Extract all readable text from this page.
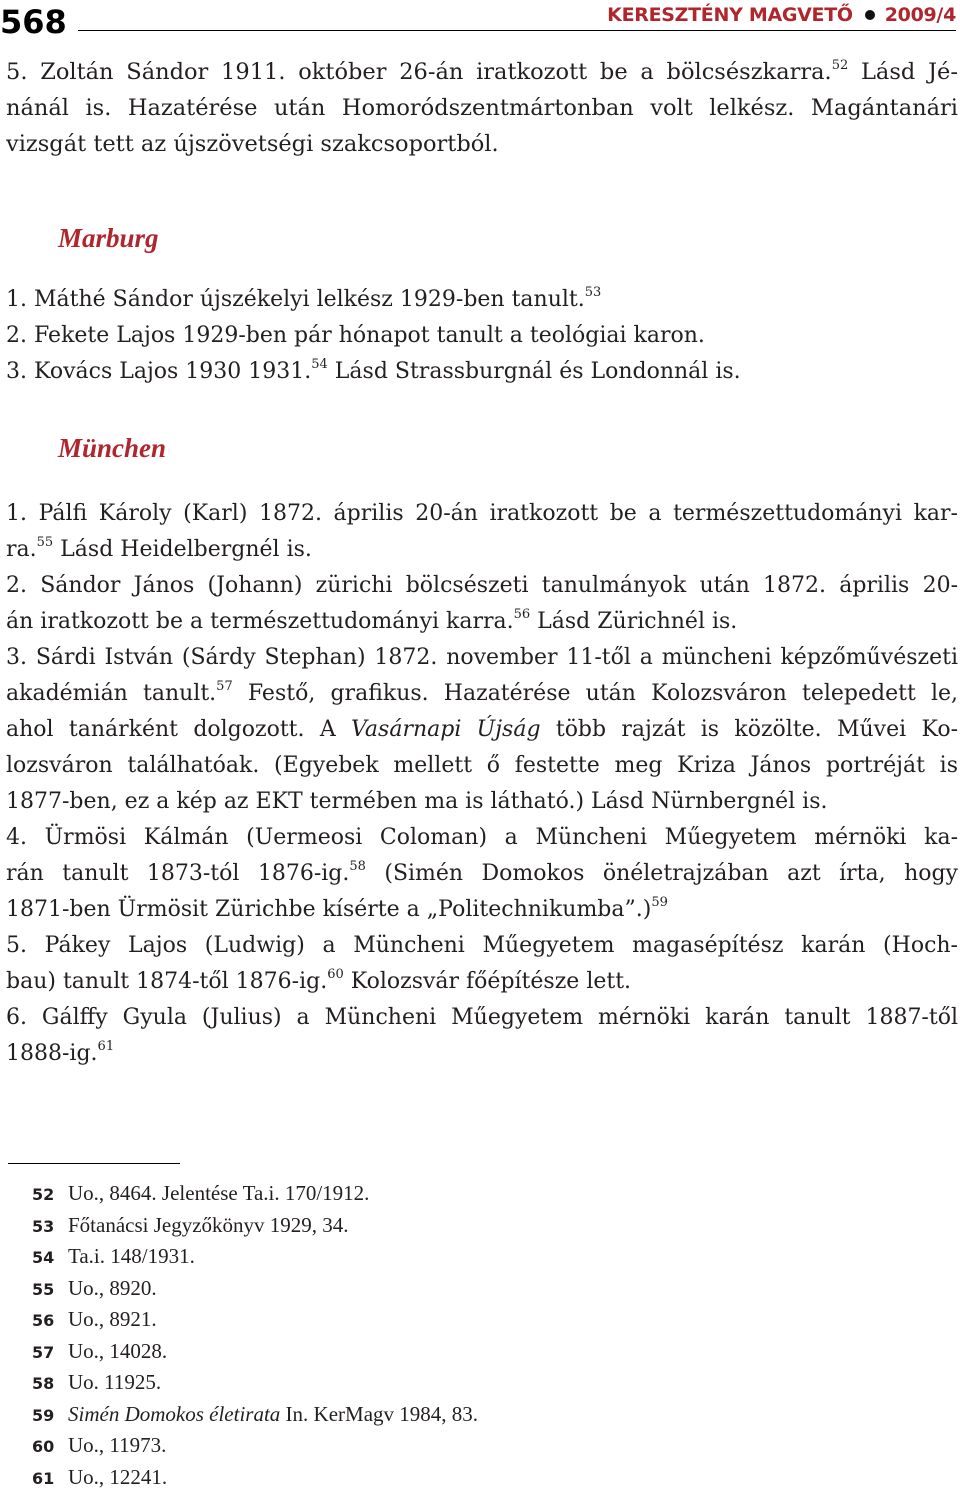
568	KERESZTÉNY MAGVETŐ 2009/4
5. Zoltán Sándor 1911. október 26-án iratkozott be a bölcsészkarra.$^{52}$ Lásd Jé-
nánál is. Hazatérése után Homoródszentmártonban volt lelkész. Magántanári
vizsgát tett az újszövetségi szakcsoportból.
Marburg
1. Máthé Sándor újszékelyi lelkész 1929-ben tanult.$^{53}$
2. Fekete Lajos 1929-ben pár hónapot tanult a teológiai karon.
3. Kovács Lajos 1930 1931.54 Lásd Strassburgnál és Londonnál is.
München
1. Pálfi Károly (Karl) 1872. április 20-án iratkozott be a természettudományi kar-
ra.$^{55}$ Lásd Heidelbergnél is.
2. Sándor János (Johann) zürichi bölcsészeti tanulmányok után 1872. április 20-
án iratkozott be a természettudományi karra.$^{56}$ Lásd Zürichnél is.
3. Sárdi István (Sárdy Stephan) 1872. november 11-től a müncheni képzőművészeti
akadémián tanult.$^{57}$ Festő, grafikus. Hazatérése után Kolozsváron telepedett le,
ahol tanárként dolgozott. A Vasárnapi Újság több rajzát is közölte. Művei Ko-
lozsváron találhatóak. (Egyebek mellett ő festette meg Kriza János portréját is
1877-ben, ez a kép az EKT termében ma is látható.) Lásd Nürnbergnél is.
4. Ürmösi Kálmán (Uermeosi Coloman) a Müncheni Műegyetem mérnöki ka-
rán tanult 1873-tól 1876-ig.$^{58}$ (Simén Domokos önéletrajzában azt írta, hogy
1871-ben Ürmösit Zürichbe kísérte a „Politechnikumba”.)$^{59}$
5. Pákey Lajos (Ludwig) a Müncheni Műegyetem magasépítész karán (Hoch-
bau) tanult 1874-től 1876-ig.$^{60}$ Kolozsvár főépítésze lett.
6. Gálffy Gyula (Julius) a Müncheni Műegyetem mérnöki karán tanult 1887-től
1888-ig.$^{61}$
52 Uo., 8464. Jelentése Ta.i. 170/1912.
53 Főtanácsi Jegyzőkönyv 1929, 34.
54 Ta.i. 148/1931.
55 Uo., 8920.
56 Uo., 8921.
57 Uo., 14028.
58 Uo. 11925.
59 Simén Domokos életirata In. KerMagv 1984, 83.
60 Uo., 11973.
61 Uo., 12241.
